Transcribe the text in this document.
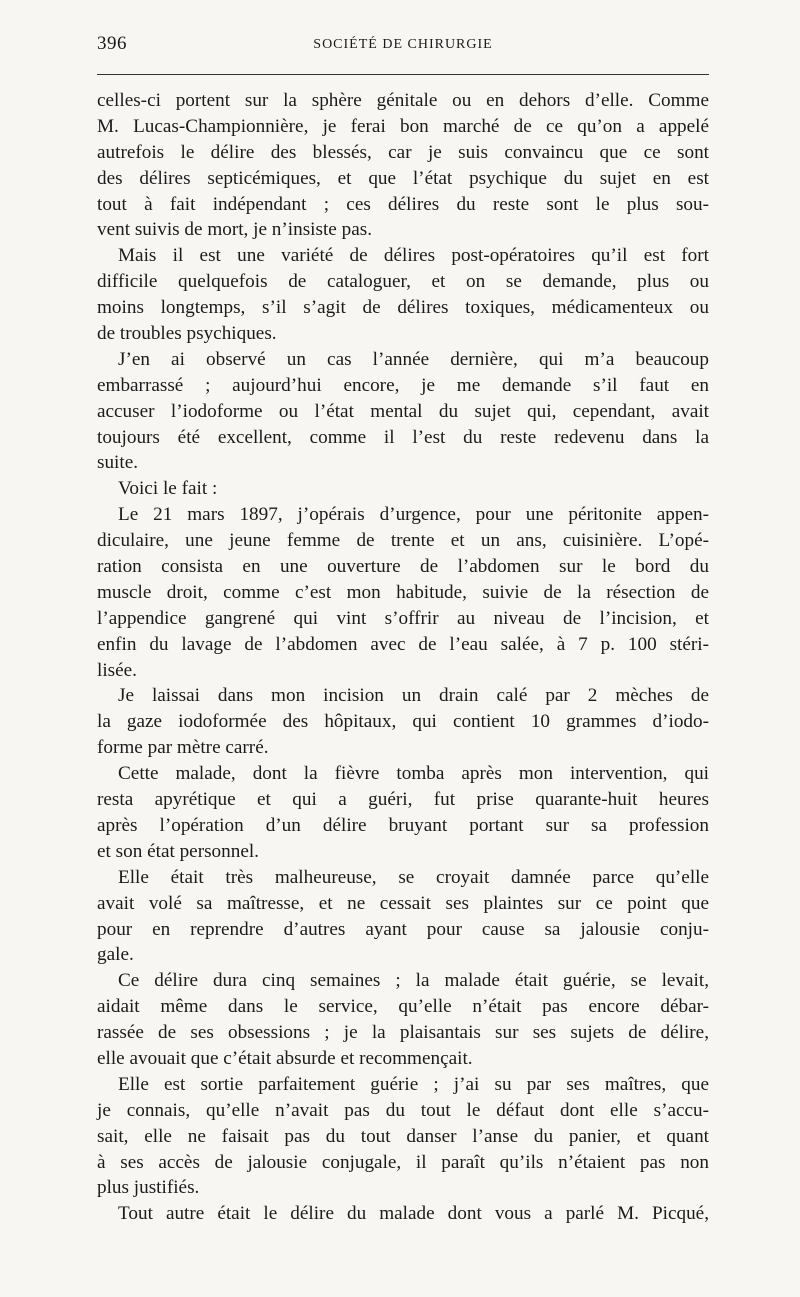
396	SOCIÉTÉ DE CHIRURGIE
celles-ci portent sur la sphère génitale ou en dehors d’elle. Comme
M. Lucas-Championnière, je ferai bon marché de ce qu’on a appelé
autrefois le délire des blessés, car je suis convaincu que ce sont
des délires septicémiques, et que l’état psychique du sujet en est
tout à fait indépendant ; ces délires du reste sont le plus sou-
vent suivis de mort, je n’insiste pas.
Mais il est une variété de délires post-opératoires qu’il est fort
difficile quelquefois de cataloguer, et on se demande, plus ou
moins longtemps, s’il s’agit de délires toxiques, médicamenteux ou
de troubles psychiques.
J’en ai observé un cas l’année dernière, qui m’a beaucoup
embarrassé ; aujourd’hui encore, je me demande s’il faut en
accuser l’iodoforme ou l’état mental du sujet qui, cependant, avait
toujours été excellent, comme il l’est du reste redevenu dans la
suite.
Voici le fait :
Le 21 mars 1897, j’opérais d’urgence, pour une péritonite appen-
diculaire, une jeune femme de trente et un ans, cuisinière. L’opé-
ration consista en une ouverture de l’abdomen sur le bord du
muscle droit, comme c’est mon habitude, suivie de la résection de
l’appendice gangrené qui vint s’offrir au niveau de l’incision, et
enfin du lavage de l’abdomen avec de l’eau salée, à 7 p. 100 stéri-
lisée.
Je laissai dans mon incision un drain calé par 2 mèches de
la gaze iodoformée des hôpitaux, qui contient 10 grammes d’iodo-
forme par mètre carré.
Cette malade, dont la fièvre tomba après mon intervention, qui
resta apyrétique et qui a guéri, fut prise quarante-huit heures
après l’opération d’un délire bruyant portant sur sa profession
et son état personnel.
Elle était très malheureuse, se croyait damnée parce qu’elle
avait volé sa maîtresse, et ne cessait ses plaintes sur ce point que
pour en reprendre d’autres ayant pour cause sa jalousie conju-
gale.
Ce délire dura cinq semaines ; la malade était guérie, se levait,
aidait même dans le service, qu’elle n’était pas encore débar-
rassée de ses obsessions ; je la plaisantais sur ses sujets de délire,
elle avouait que c’était absurde et recommençait.
Elle est sortie parfaitement guérie ; j’ai su par ses maîtres, que
je connais, qu’elle n’avait pas du tout le défaut dont elle s’accu-
sait, elle ne faisait pas du tout danser l’anse du panier, et quant
à ses accès de jalousie conjugale, il paraît qu’ils n’étaient pas non
plus justifiés.
Tout autre était le délire du malade dont vous a parlé M. Picqué,
